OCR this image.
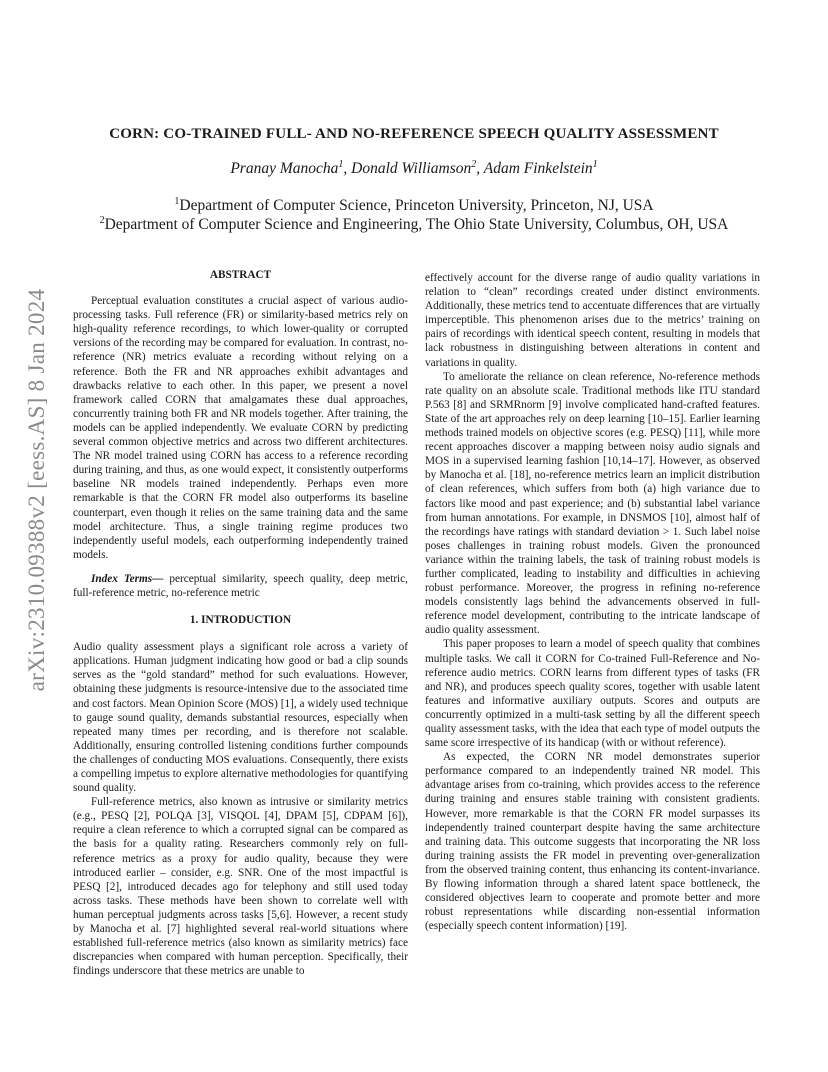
arXiv:2310.09388v2 [eess.AS] 8 Jan 2024
CORN: CO-TRAINED FULL- AND NO-REFERENCE SPEECH QUALITY ASSESSMENT
Pranay Manocha$^1$, Donald Williamson$^2$, Adam Finkelstein$^1$
$^1$Department of Computer Science, Princeton University, Princeton, NJ, USA
$^2$Department of Computer Science and Engineering, The Ohio State University, Columbus, OH, USA
ABSTRACT

Perceptual evaluation constitutes a crucial aspect of various audio-processing tasks. Full reference (FR) or similarity-based metrics rely on high-quality reference recordings, to which lower-quality or corrupted versions of the recording may be compared for evaluation. In contrast, no-reference (NR) metrics evaluate a recording without relying on a reference. Both the FR and NR approaches exhibit advantages and drawbacks relative to each other. In this paper, we present a novel framework called CORN that amalgamates these dual approaches, concurrently training both FR and NR models together. After training, the models can be applied independently. We evaluate CORN by predicting several common objective metrics and across two different architectures. The NR model trained using CORN has access to a reference recording during training, and thus, as one would expect, it consistently outperforms baseline NR models trained independently. Perhaps even more remarkable is that the CORN FR model also outperforms its baseline counterpart, even though it relies on the same training data and the same model architecture. Thus, a single training regime produces two independently useful models, each outperforming independently trained models.

Index Terms— perceptual similarity, speech quality, deep metric, full-reference metric, no-reference metric

1. INTRODUCTION

Audio quality assessment plays a significant role across a variety of applications. Human judgment indicating how good or bad a clip sounds serves as the “gold standard” method for such evaluations. However, obtaining these judgments is resource-intensive due to the associated time and cost factors. Mean Opinion Score (MOS) [1], a widely used technique to gauge sound quality, demands substantial resources, especially when repeated many times per recording, and is therefore not scalable. Additionally, ensuring controlled listening conditions further compounds the challenges of conducting MOS evaluations. Consequently, there exists a compelling impetus to explore alternative methodologies for quantifying sound quality.

Full-reference metrics, also known as intrusive or similarity metrics (e.g., PESQ [2], POLQA [3], VISQOL [4], DPAM [5], CDPAM [6]), require a clean reference to which a corrupted signal can be compared as the basis for a quality rating. Researchers commonly rely on full-reference metrics as a proxy for audio quality, because they were introduced earlier – consider, e.g. SNR. One of the most impactful is PESQ [2], introduced decades ago for telephony and still used today across tasks. These methods have been shown to correlate well with human perceptual judgments across tasks [5,6]. However, a recent study by Manocha et al. [7] highlighted several real-world situations where established full-reference metrics (also known as similarity metrics) face discrepancies when compared with human perception. Specifically, their findings underscore that these metrics are unable to

effectively account for the diverse range of audio quality variations in relation to “clean” recordings created under distinct environments. Additionally, these metrics tend to accentuate differences that are virtually imperceptible. This phenomenon arises due to the metrics’ training on pairs of recordings with identical speech content, resulting in models that lack robustness in distinguishing between alterations in content and variations in quality.

To ameliorate the reliance on clean reference, No-reference methods rate quality on an absolute scale. Traditional methods like ITU standard P.563 [8] and SRMRnorm [9] involve complicated hand-crafted features. State of the art approaches rely on deep learning [10–15]. Earlier learning methods trained models on objective scores (e.g. PESQ) [11], while more recent approaches discover a mapping between noisy audio signals and MOS in a supervised learning fashion [10,14–17]. However, as observed by Manocha et al. [18], no-reference metrics learn an implicit distribution of clean references, which suffers from both (a) high variance due to factors like mood and past experience; and (b) substantial label variance from human annotations. For example, in DNSMOS [10], almost half of the recordings have ratings with standard deviation > 1. Such label noise poses challenges in training robust models. Given the pronounced variance within the training labels, the task of training robust models is further complicated, leading to instability and difficulties in achieving robust performance. Moreover, the progress in refining no-reference models consistently lags behind the advancements observed in full-reference model development, contributing to the intricate landscape of audio quality assessment.

This paper proposes to learn a model of speech quality that combines multiple tasks. We call it CORN for Co-trained Full-Reference and No-reference audio metrics. CORN learns from different types of tasks (FR and NR), and produces speech quality scores, together with usable latent features and informative auxiliary outputs. Scores and outputs are concurrently optimized in a multi-task setting by all the different speech quality assessment tasks, with the idea that each type of model outputs the same score irrespective of its handicap (with or without reference).

As expected, the CORN NR model demonstrates superior performance compared to an independently trained NR model. This advantage arises from co-training, which provides access to the reference during training and ensures stable training with consistent gradients. However, more remarkable is that the CORN FR model surpasses its independently trained counterpart despite having the same architecture and training data. This outcome suggests that incorporating the NR loss during training assists the FR model in preventing over-generalization from the observed training content, thus enhancing its content-invariance. By flowing information through a shared latent space bottleneck, the considered objectives learn to cooperate and promote better and more robust representations while discarding non-essential information (especially speech content information) [19].
